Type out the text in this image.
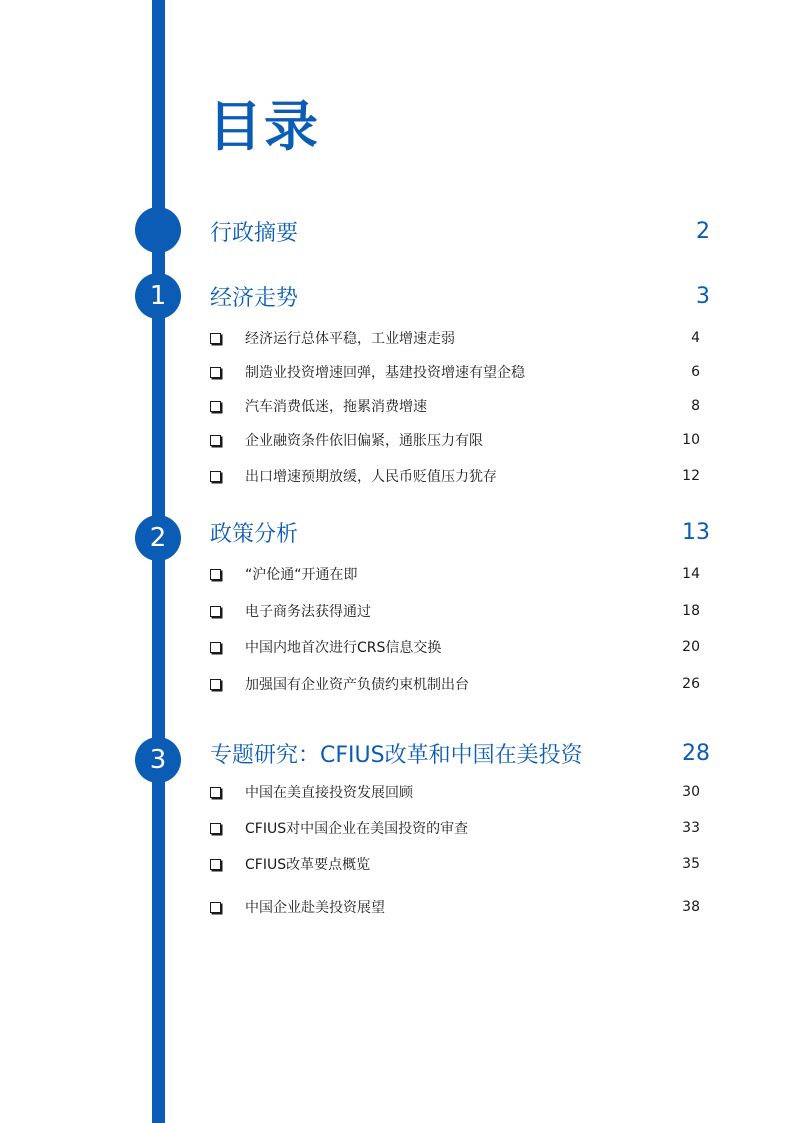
目录
行政摘要	2
1	经济走势	3
经济运行总体平稳，工业增速走弱	4
制造业投资增速回弹，基建投资增速有望企稳	6
汽车消费低迷，拖累消费增速	8
企业融资条件依旧偏紧，通胀压力有限	10
出口增速预期放缓，人民币贬值压力犹存	12
2	政策分析	13
“沪伦通“开通在即	14
电子商务法获得通过	18
中国内地首次进行CRS信息交换	20
加强国有企业资产负债约束机制出台	26
3	专题研究：CFIUS改革和中国在美投资	28
中国在美直接投资发展回顾	30
CFIUS对中国企业在美国投资的审查	33
CFIUS改革要点概览	35
中国企业赴美投资展望	38
